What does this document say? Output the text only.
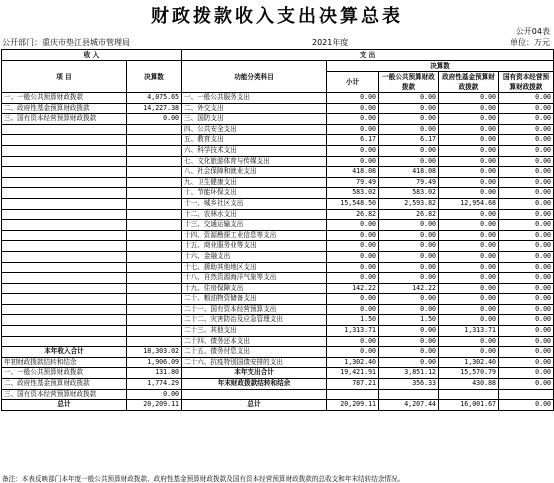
财政拨款收入支出决算总表
公开04表
公开部门：重庆市垫江县城市管理局	2021年度	单位：万元
收 入		支 出				
项 目	决算数	功能分类科目	决算数			
			小计	一般公共预算财政拨款	政府性基金预算财政拨款	国有资本经营预算财政拨款
一、一般公共预算财政拨款	4,075.65	一、一般公共服务支出	0.00	0.00	0.00	0.00
二、政府性基金预算财政拨款	14,227.38	二、外交支出	0.00	0.00	0.00	0.00
三、国有资本经营预算财政拨款	0.00	三、国防支出	0.00	0.00	0.00	0.00
		四、公共安全支出	0.00	0.00	0.00	0.00
		五、教育支出	6.17	6.17	0.00	0.00
		六、科学技术支出	0.00	0.00	0.00	0.00
		七、文化旅游体育与传媒支出	0.00	0.00	0.00	0.00
		八、社会保障和就业支出	418.08	418.08	0.00	0.00
		九、卫生健康支出	79.49	79.49	0.00	0.00
		十、节能环保支出	583.02	583.02	0.00	0.00
		十一、城乡社区支出	15,548.50	2,593.82	12,954.68	0.00
		十二、农林水支出	26.82	26.82	0.00	0.00
		十三、交通运输支出	0.00	0.00	0.00	0.00
		十四、资源勘探工业信息等支出	0.00	0.00	0.00	0.00
		十五、商业服务业等支出	0.00	0.00	0.00	0.00
		十六、金融支出	0.00	0.00	0.00	0.00
		十七、援助其他地区支出	0.00	0.00	0.00	0.00
		十八、自然资源海洋气象等支出	0.00	0.00	0.00	0.00
		十九、住房保障支出	142.22	142.22	0.00	0.00
		二十、粮油物资储备支出	0.00	0.00	0.00	0.00
		二十一、国有资本经营预算支出	0.00	0.00	0.00	0.00
		二十二、灾害防治及应急管理支出	1.50	1.50	0.00	0.00
		二十三、其他支出	1,313.71	0.00	1,313.71	0.00
		二十四、债务还本支出	0.00	0.00	0.00	0.00
本年收入合计	18,303.02	二十五、债务付息支出	0.00	0.00	0.00	0.00
年初财政拨款结转和结余	1,906.09	二十六、抗疫特别国债安排的支出	1,302.40	0.00	1,302.40	0.00
一、一般公共预算财政拨款	131.80	本年支出合计	19,421.91	3,851.12	15,570.79	0.00
二、政府性基金预算财政拨款	1,774.29	年末财政拨款结转和结余	787.21	356.33	430.88	0.00
三、国有资本经营预算财政拨款	0.00					
总计	20,209.11	总计	20,209.11	4,207.44	16,001.67	0.00
备注：本表反映部门本年度一般公共预算财政拨款、政府性基金预算财政拨款及国有资本经营预算财政拨款的总收支和年末结转结余情况。
